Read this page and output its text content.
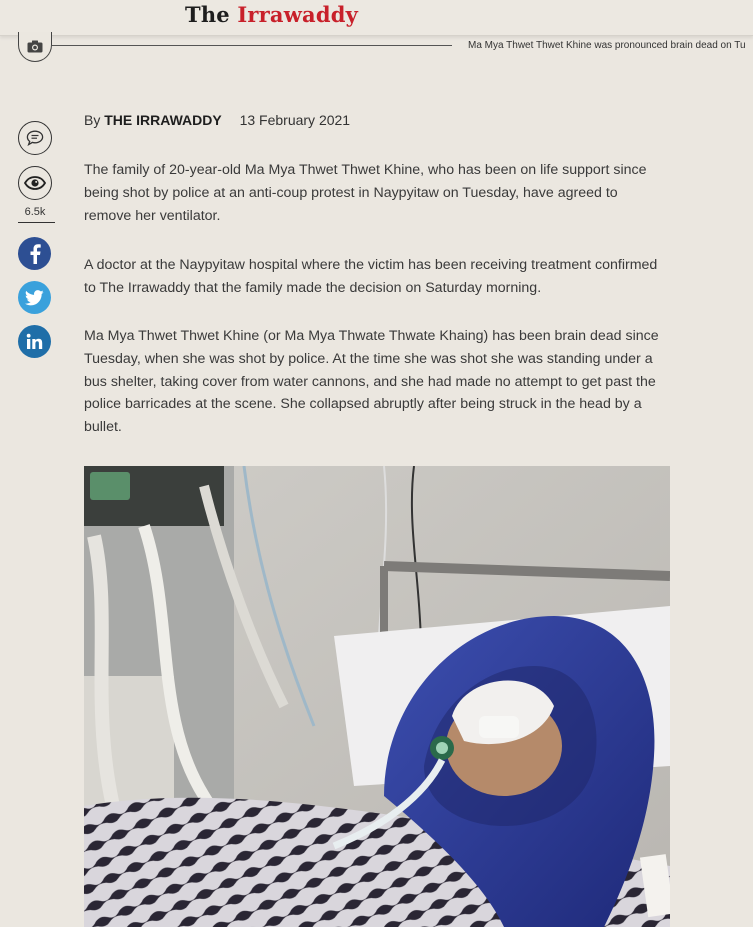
The Irrawaddy
Ma Mya Thwet Thwet Khine was pronounced brain dead on Tu
6.5k
By THE IRRAWADDY 13 February 2021

The family of 20-year-old Ma Mya Thwet Thwet Khine, who has been on life support since being shot by police at an anti-coup protest in Naypyitaw on Tuesday, have agreed to remove her ventilator.

A doctor at the Naypyitaw hospital where the victim has been receiving treatment confirmed to The Irrawaddy that the family made the decision on Saturday morning.

Ma Mya Thwet Thwet Khine (or Ma Mya Thwate Thwate Khaing) has been brain dead since Tuesday, when she was shot by police. At the time she was shot she was standing under a bus shelter, taking cover from water cannons, and she had made no attempt to get past the police barricades at the scene. She collapsed abruptly after being struck in the head by a bullet.
